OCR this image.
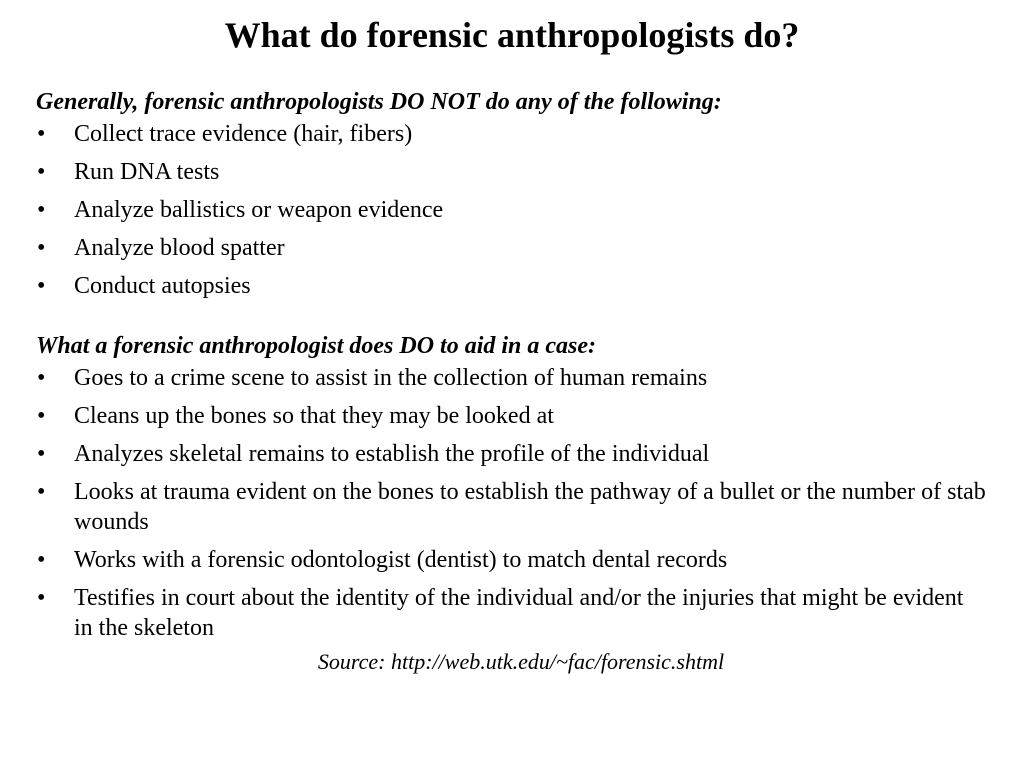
What do forensic anthropologists do?

Generally, forensic anthropologists DO NOT do any of the following:

• Collect trace evidence (hair, fibers)
• Run DNA tests
• Analyze ballistics or weapon evidence
• Analyze blood spatter
• Conduct autopsies

What a forensic anthropologist does DO to aid in a case:

• Goes to a crime scene to assist in the collection of human remains
• Cleans up the bones so that they may be looked at
• Analyzes skeletal remains to establish the profile of the individual
• Looks at trauma evident on the bones to establish the pathway of a bullet or the number of stab wounds
• Works with a forensic odontologist (dentist) to match dental records
• Testifies in court about the identity of the individual and/or the injuries that might be evident in the skeleton

Source: http://web.utk.edu/~fac/forensic.shtml
